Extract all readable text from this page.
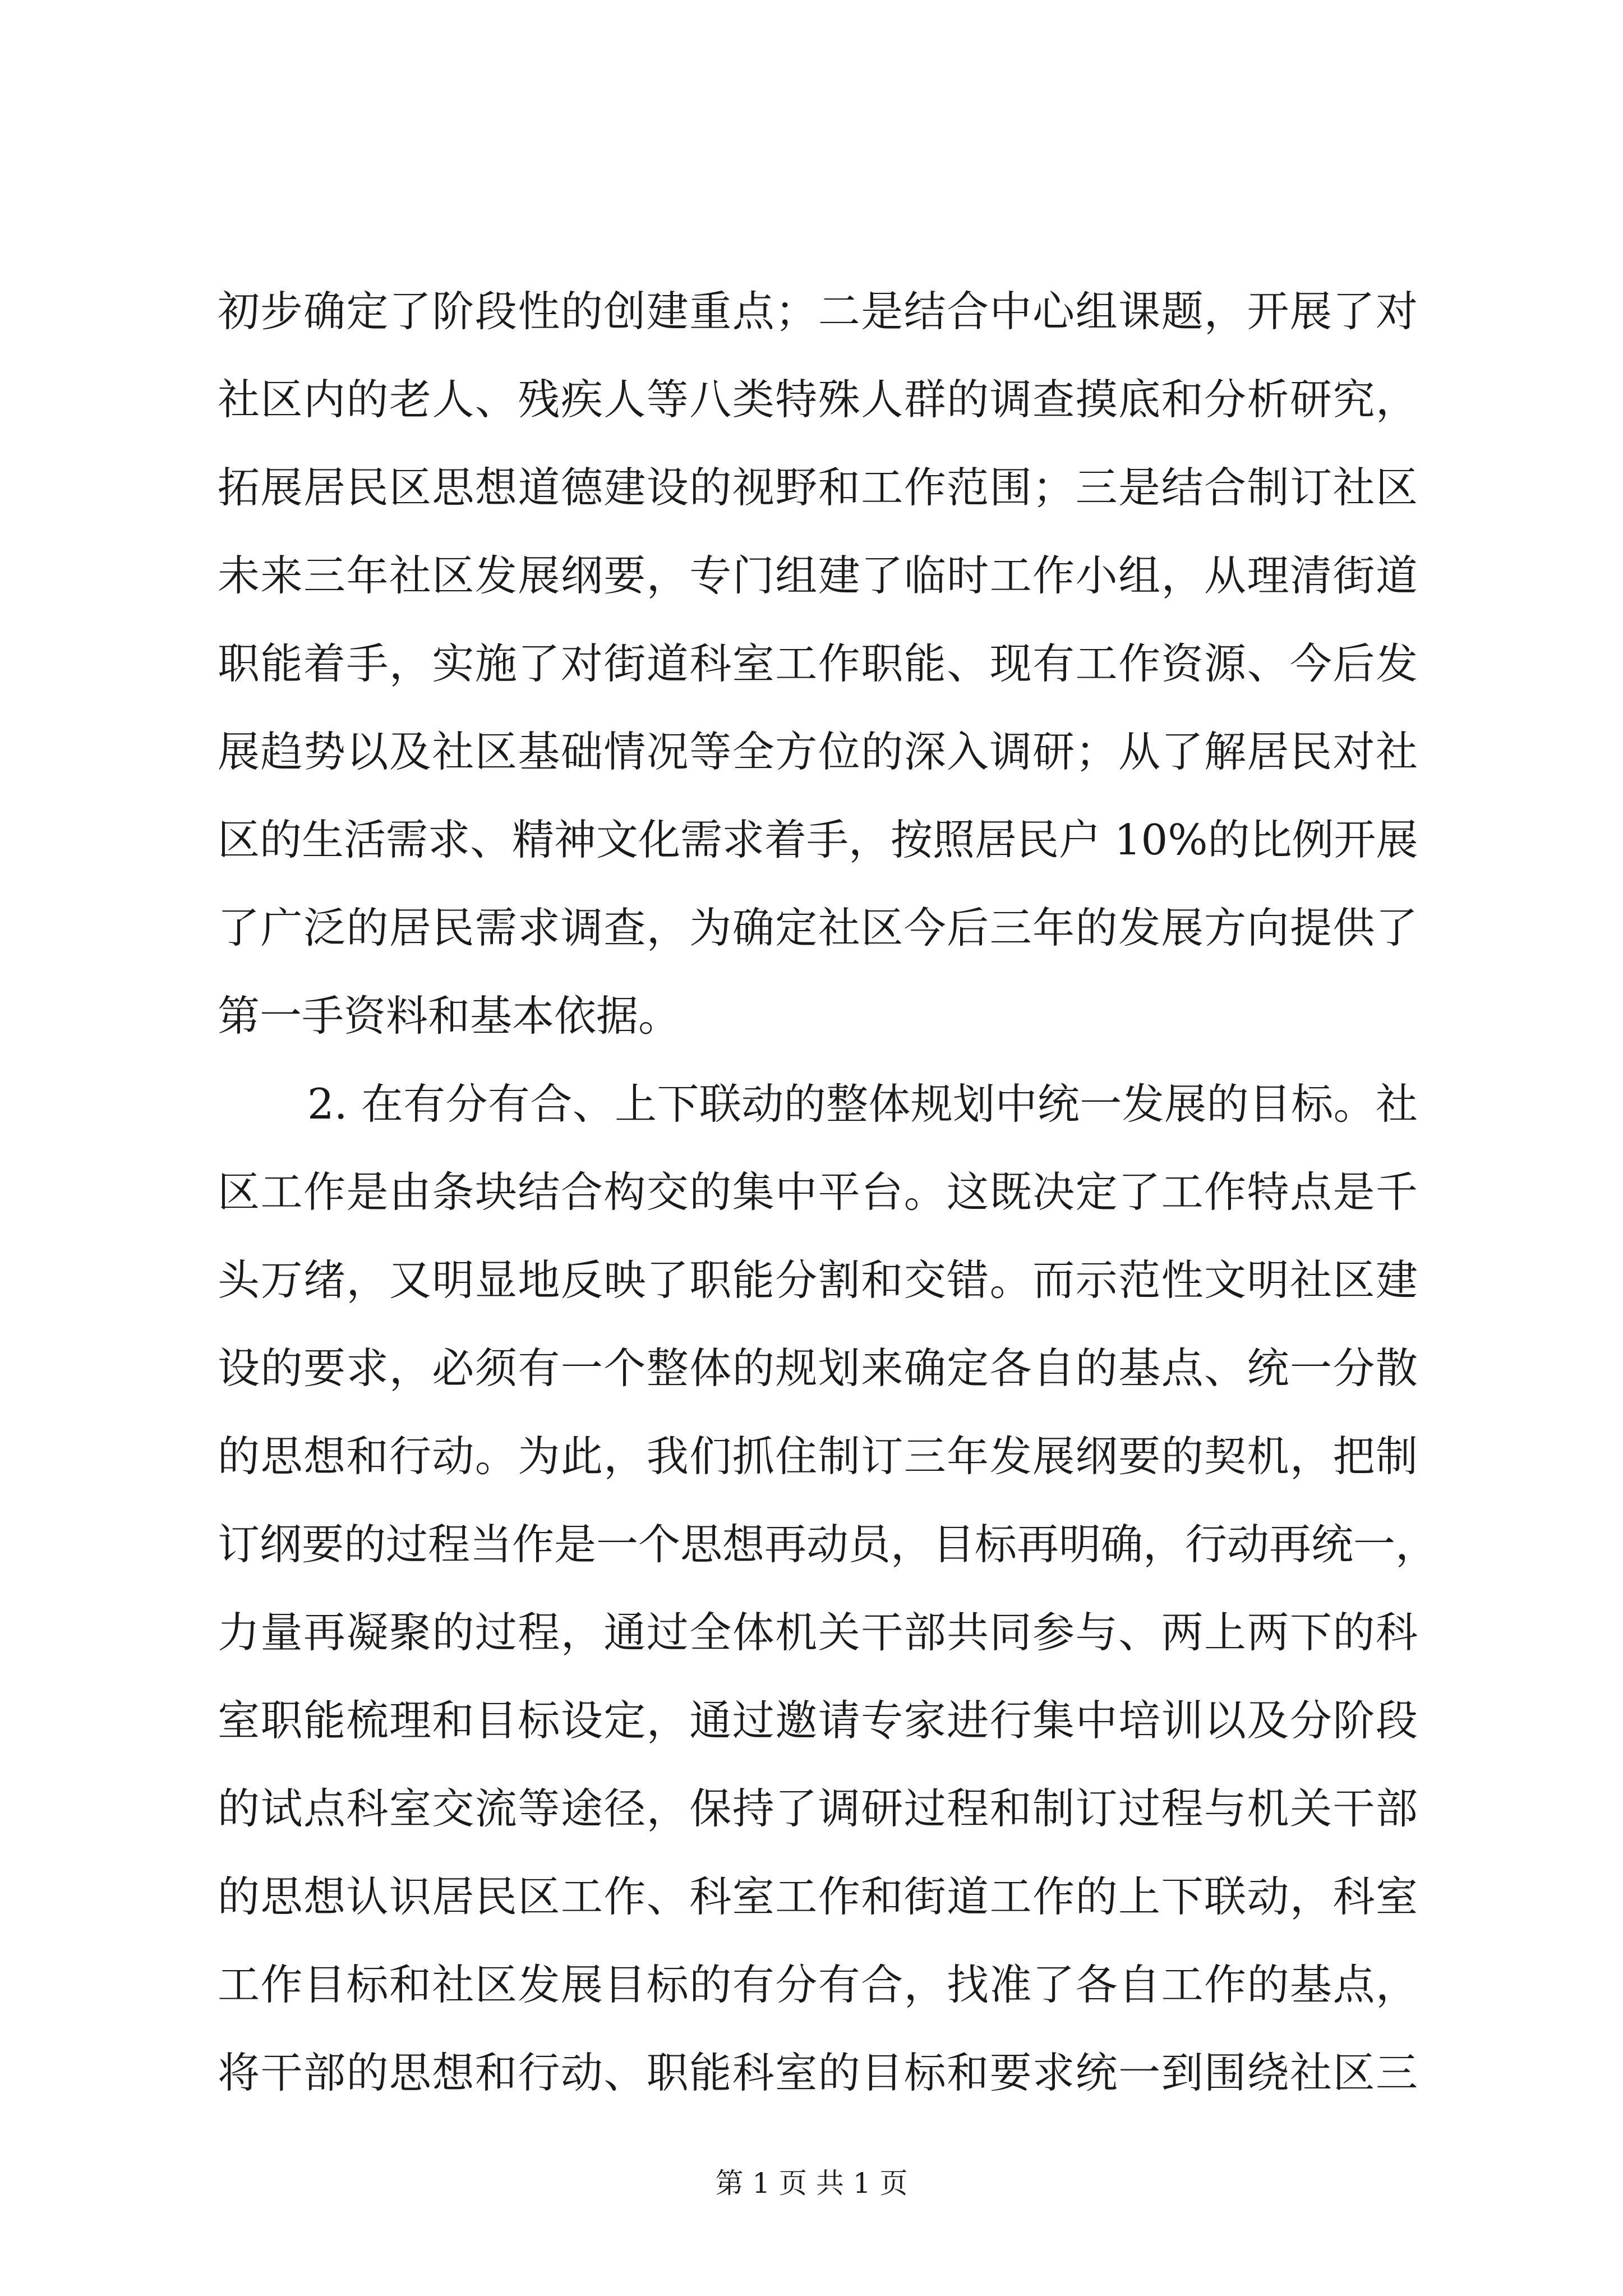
初步确定了阶段性的创建重点；二是结合中心组课题，开展了对
社区内的老人、残疾人等八类特殊人群的调查摸底和分析研究，
拓展居民区思想道德建设的视野和工作范围；三是结合制订社区
未来三年社区发展纲要，专门组建了临时工作小组，从理清街道
职能着手，实施了对街道科室工作职能、现有工作资源、今后发
展趋势以及社区基础情况等全方位的深入调研；从了解居民对社
区的生活需求、精神文化需求着手，按照居民户 10%的比例开展
了广泛的居民需求调查，为确定社区今后三年的发展方向提供了
第一手资料和基本依据。
2. 在有分有合、上下联动的整体规划中统一发展的目标。社
区工作是由条块结合构交的集中平台。这既决定了工作特点是千
头万绪，又明显地反映了职能分割和交错。而示范性文明社区建
设的要求，必须有一个整体的规划来确定各自的基点、统一分散
的思想和行动。为此，我们抓住制订三年发展纲要的契机，把制
订纲要的过程当作是一个思想再动员，目标再明确，行动再统一，
力量再凝聚的过程，通过全体机关干部共同参与、两上两下的科
室职能梳理和目标设定，通过邀请专家进行集中培训以及分阶段
的试点科室交流等途径，保持了调研过程和制订过程与机关干部
的思想认识居民区工作、科室工作和街道工作的上下联动，科室
工作目标和社区发展目标的有分有合，找准了各自工作的基点，
将干部的思想和行动、职能科室的目标和要求统一到围绕社区三
第 1 页 共 1 页
